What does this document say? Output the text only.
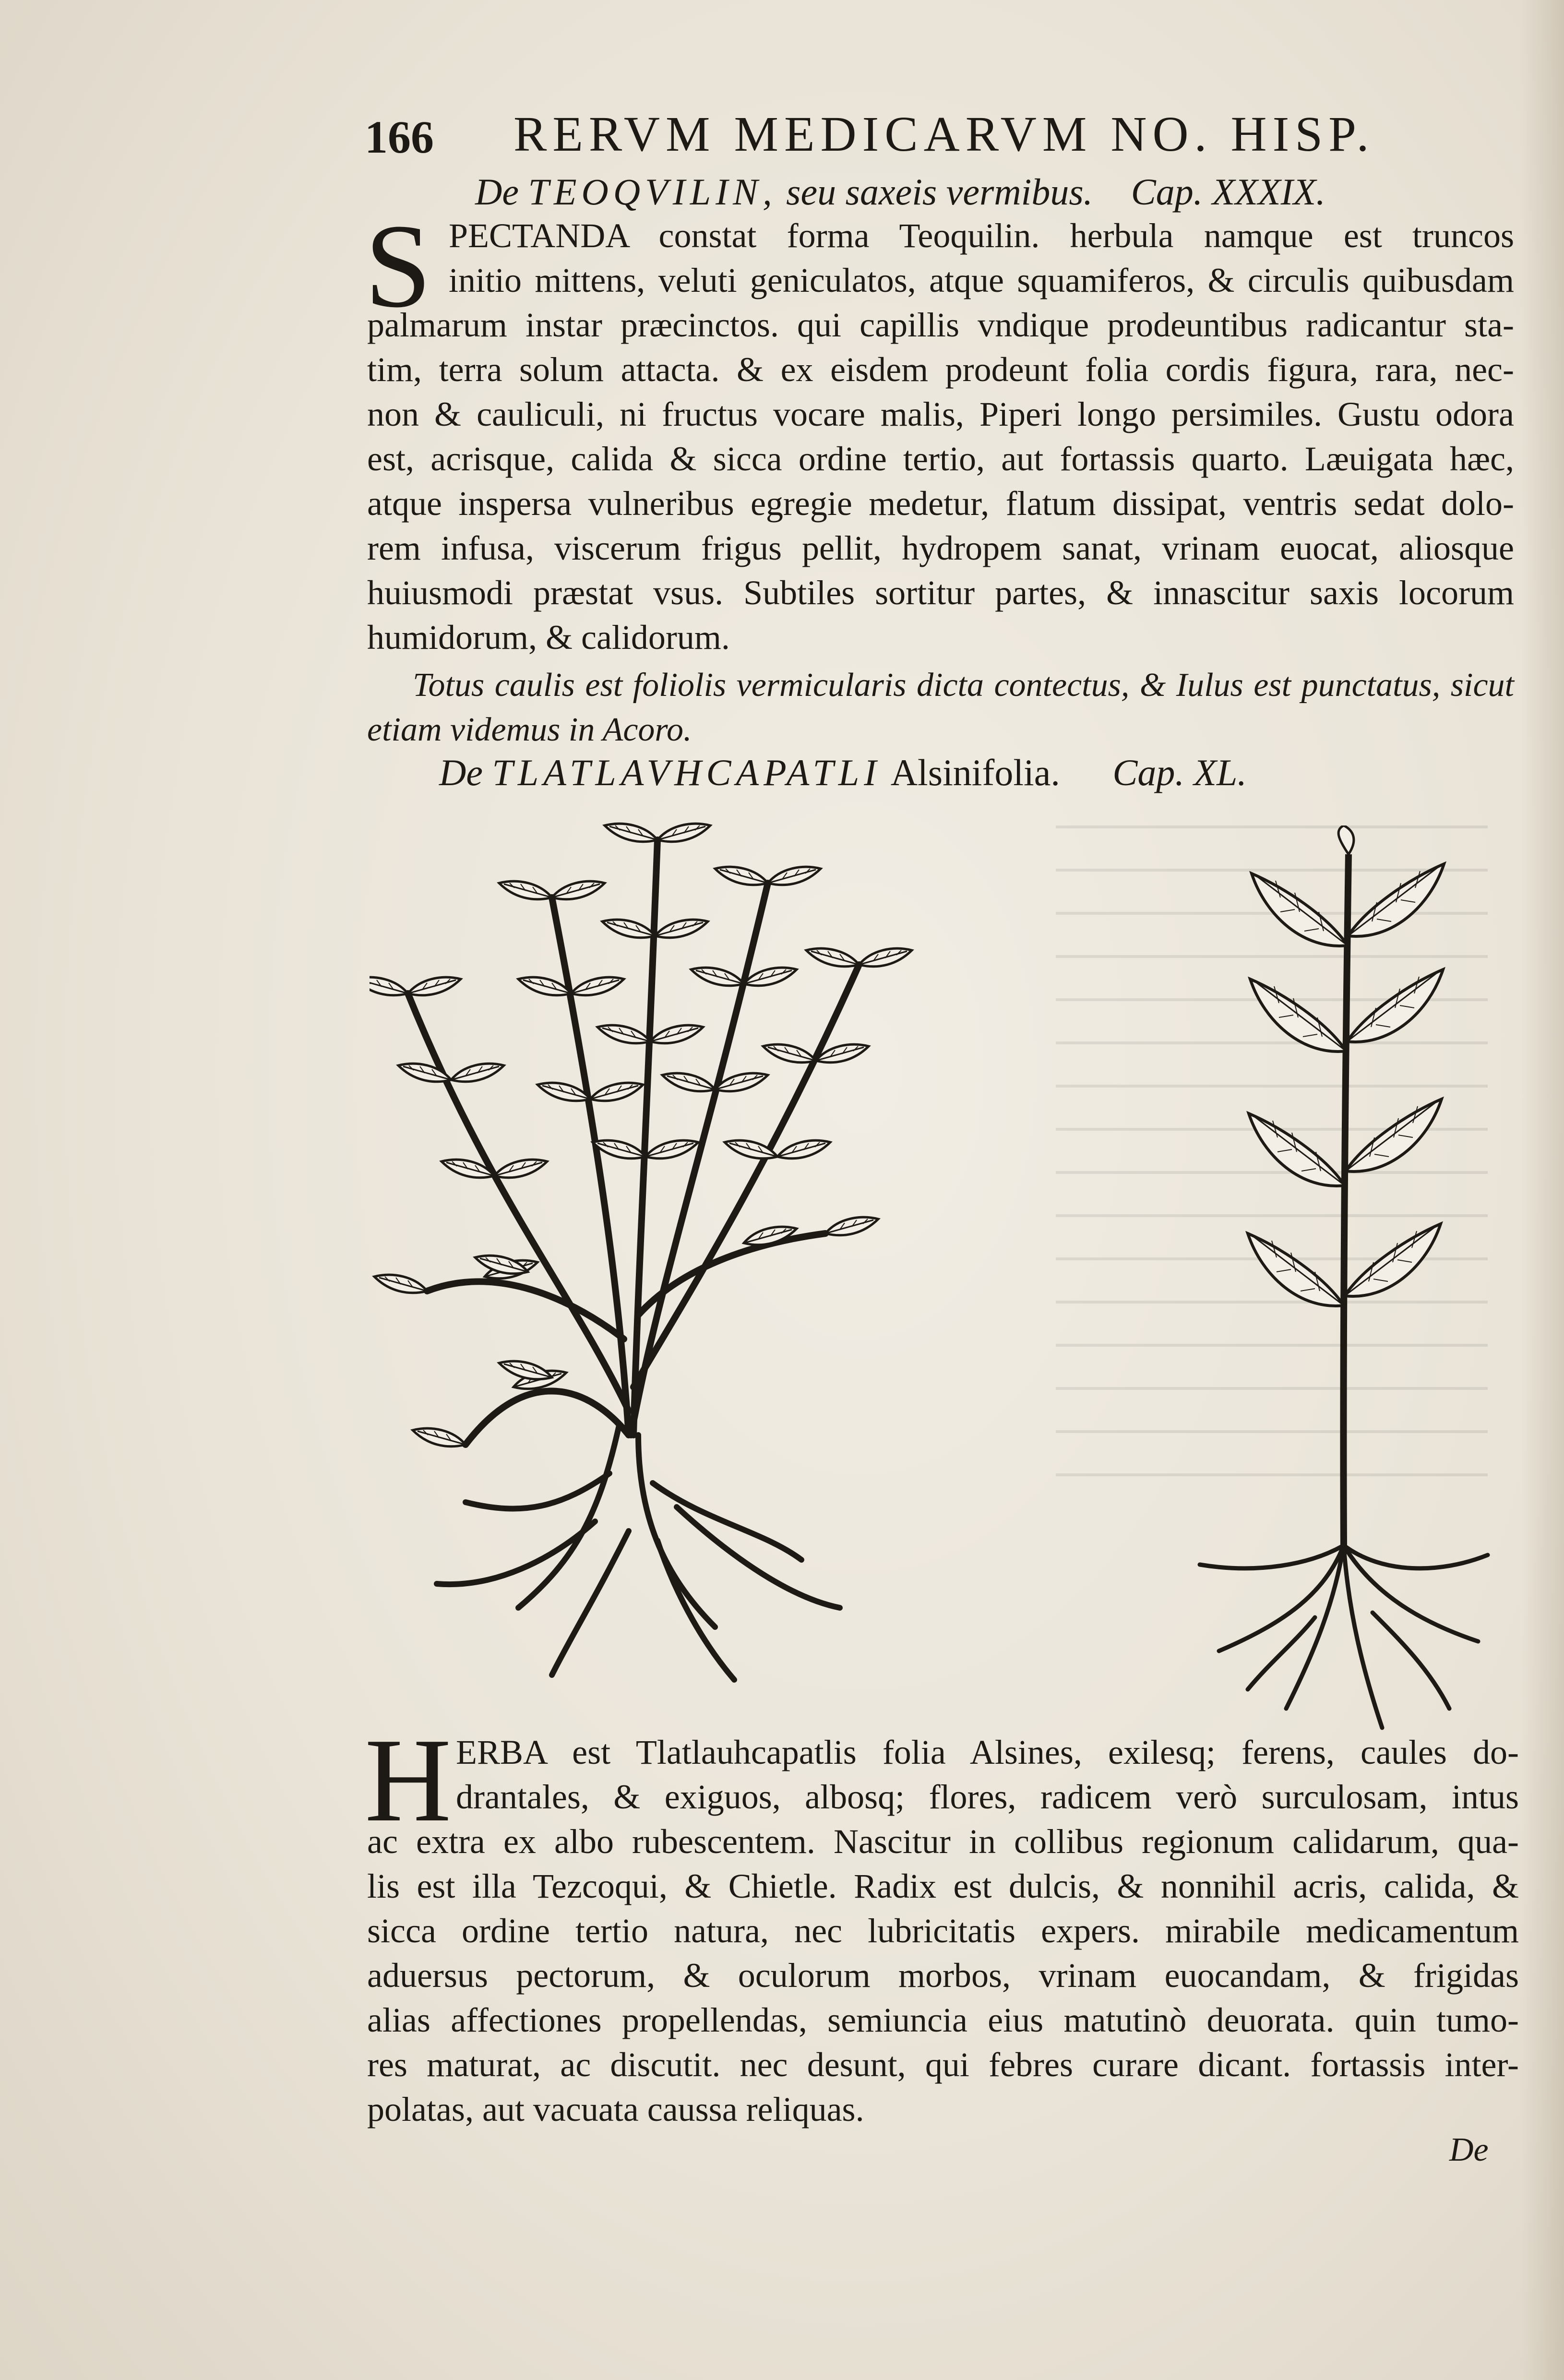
166 RERVM MEDICARVM NO. HISP.
De TEOQVILIN, seu saxeis vermibus. Cap. XXXIX.
S PECTANDA constat forma Teoquilin. herbula namque est truncos
initio mittens, veluti geniculatos, atque squamiferos, & circulis quibusdam
palmarum instar præcinctos. qui capillis vndique prodeuntibus radicantur sta-
tim, terra solum attacta. & ex eisdem prodeunt folia cordis figura, rara, nec-
non & cauliculi, ni fructus vocare malis, Piperi longo persimiles. Gustu odora
est, acrisque, calida & sicca ordine tertio, aut fortassis quarto. Læuigata hæc,
atque inspersa vulneribus egregie medetur, flatum dissipat, ventris sedat dolo-
rem infusa, viscerum frigus pellit, hydropem sanat, vrinam euocat, aliosque
huiusmodi præstat vsus. Subtiles sortitur partes, & innascitur saxis locorum
humidorum, & calidorum.
Totus caulis est foliolis vermicularis dicta contectus, & Iulus est punctatus, sicut
etiam videmus in Acoro.
De TLATLAVHCAPATLI Alsinifolia. Cap. XL.
H ERBA est Tlatlauhcapatlis folia Alsines, exilesq; ferens, caules do-
drantales, & exiguos, albosq; flores, radicem verò surculosam, intus
ac extra ex albo rubescentem. Nascitur in collibus regionum calidarum, qua-
lis est illa Tezcoqui, & Chietle. Radix est dulcis, & nonnihil acris, calida, &
sicca ordine tertio natura, nec lubricitatis expers. mirabile medicamentum
aduersus pectorum, & oculorum morbos, vrinam euocandam, & frigidas
alias affectiones propellendas, semiuncia eius matutinò deuorata. quin tumo-
res maturat, ac discutit. nec desunt, qui febres curare dicant. fortassis inter-
polatas, aut vacuata caussa reliquas.
De
